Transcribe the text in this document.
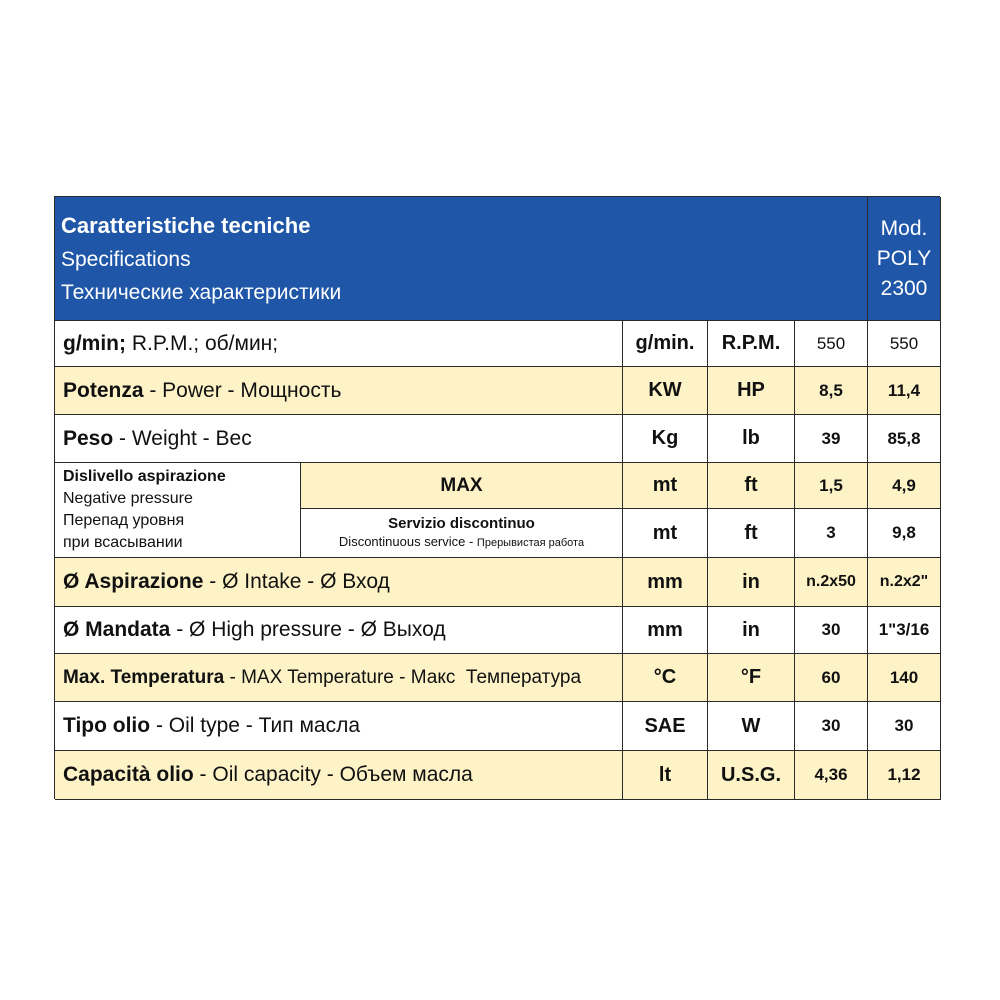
Caratteristiche tecniche
Specifications
Технические характеристики
Mod.
POLY
2300
g/min; R.P.M.; об/мин;	g/min.	R.P.M.	550	550
Potenza - Power - Мощность	KW	HP	8,5	11,4
Peso - Weight - Вес	Kg	lb	39	85,8
Dislivello aspirazione
Negative pressure
Перепад уровня
при всасывании
MAX	mt	ft	1,5	4,9
Servizio discontinuo
Discontinuous service - Прерывистая работа	mt	ft	3	9,8
Ø Aspirazione - Ø Intake - Ø Вход	mm	in	n.2x50	n.2x2"
Ø Mandata - Ø High pressure - Ø Выход	mm	in	30	1"3/16
Max. Temperatura - MAX Temperature - Макс  Температура	°C	°F	60	140
Tipo olio - Oil type - Тип масла	SAE	W	30	30
Capacità olio - Oil capacity - Объем масла	lt	U.S.G.	4,36	1,12
